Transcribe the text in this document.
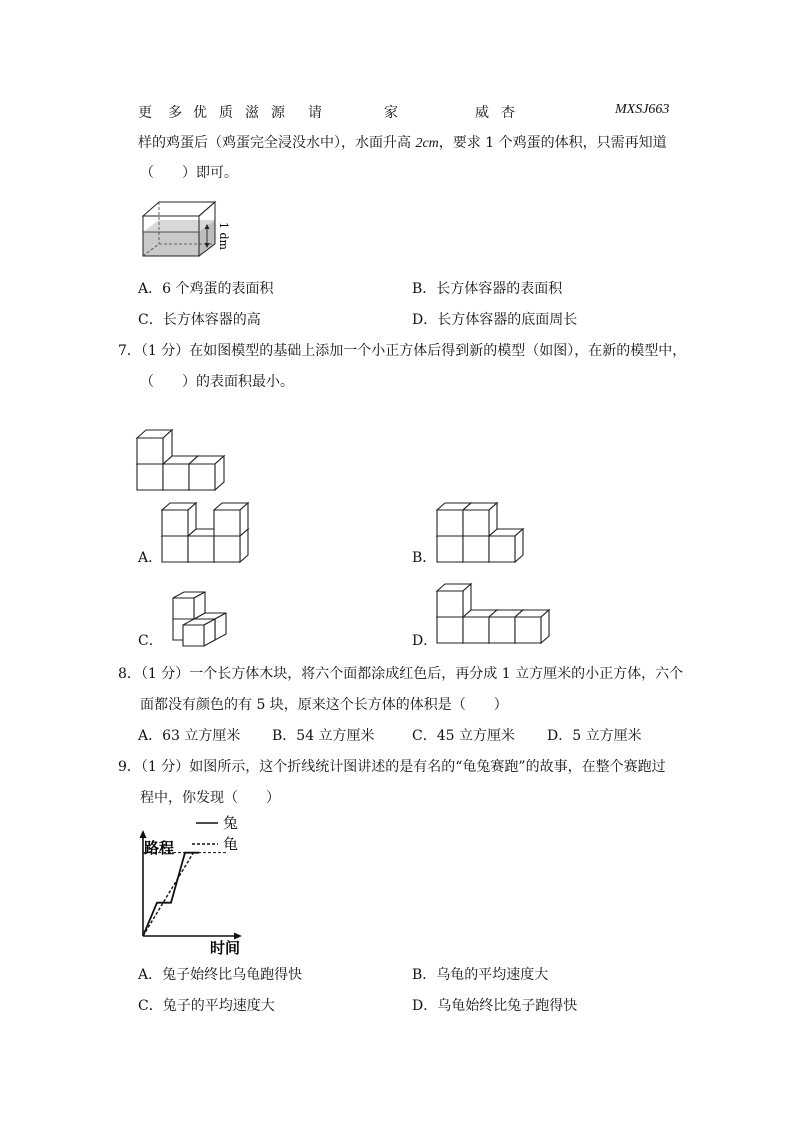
更 多 优 质 滋 源 请	家	威 杏	MXSJ663
样的鸡蛋后（鸡蛋完全浸没水中），水面升高 2cm，要求 1 个鸡蛋的体积，只需再知道
（　　）即可。
1 dm
A．6 个鸡蛋的表面积	B．长方体容器的表面积
C．长方体容器的高	D．长方体容器的底面周长
7．（1 分）在如图模型的基础上添加一个小正方体后得到新的模型（如图），在新的模型中，
（　　）的表面积最小。
A．	B．
C．	D．
8．（1 分）一个长方体木块，将六个面都涂成红色后，再分成 1 立方厘米的小正方体，六个
面都没有颜色的有 5 块，原来这个长方体的体积是（　　）
A．63 立方厘米 B．54 立方厘米	C．45 立方厘米 D．5 立方厘米
9．（1 分）如图所示，这个折线统计图讲述的是有名的“龟兔赛跑”的故事，在整个赛跑过
程中，你发现（　　）
路程
时间
兔
龟
A．兔子始终比乌龟跑得快	B．乌龟的平均速度大
C．兔子的平均速度大	D．乌龟始终比兔子跑得快
